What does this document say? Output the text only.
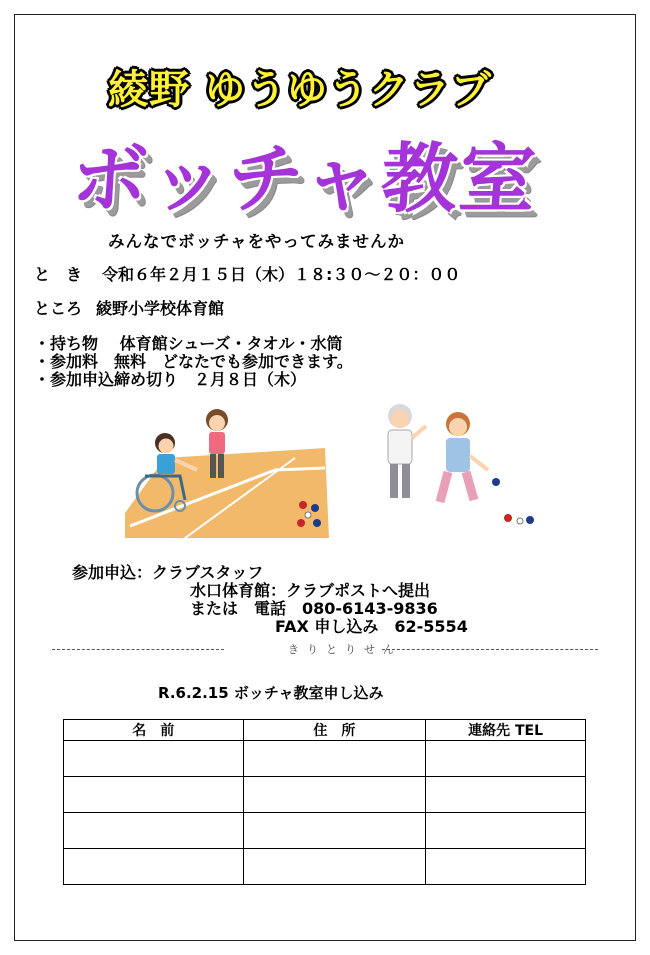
綾野 ゆうゆうクラブ
ボッチャ教室
みんなでボッチャをやってみませんか
と　き 令和６年２月１５日（木）１８:３０〜２０：００
ところ 綾野小学校体育館
・持ち物　 体育館シューズ・タオル・水筒
・参加料　無料　どなたでも参加できます。
・参加申込締め切り　２月８日（木）
参加申込：クラブスタッフ
水口体育館：クラブポストへ提出
または　電話　080-6143-9836
FAX 申し込み　62-5554
きりとりせん
R.6.2.15 ボッチャ教室申し込み
名　前	住　所	連絡先 TEL
